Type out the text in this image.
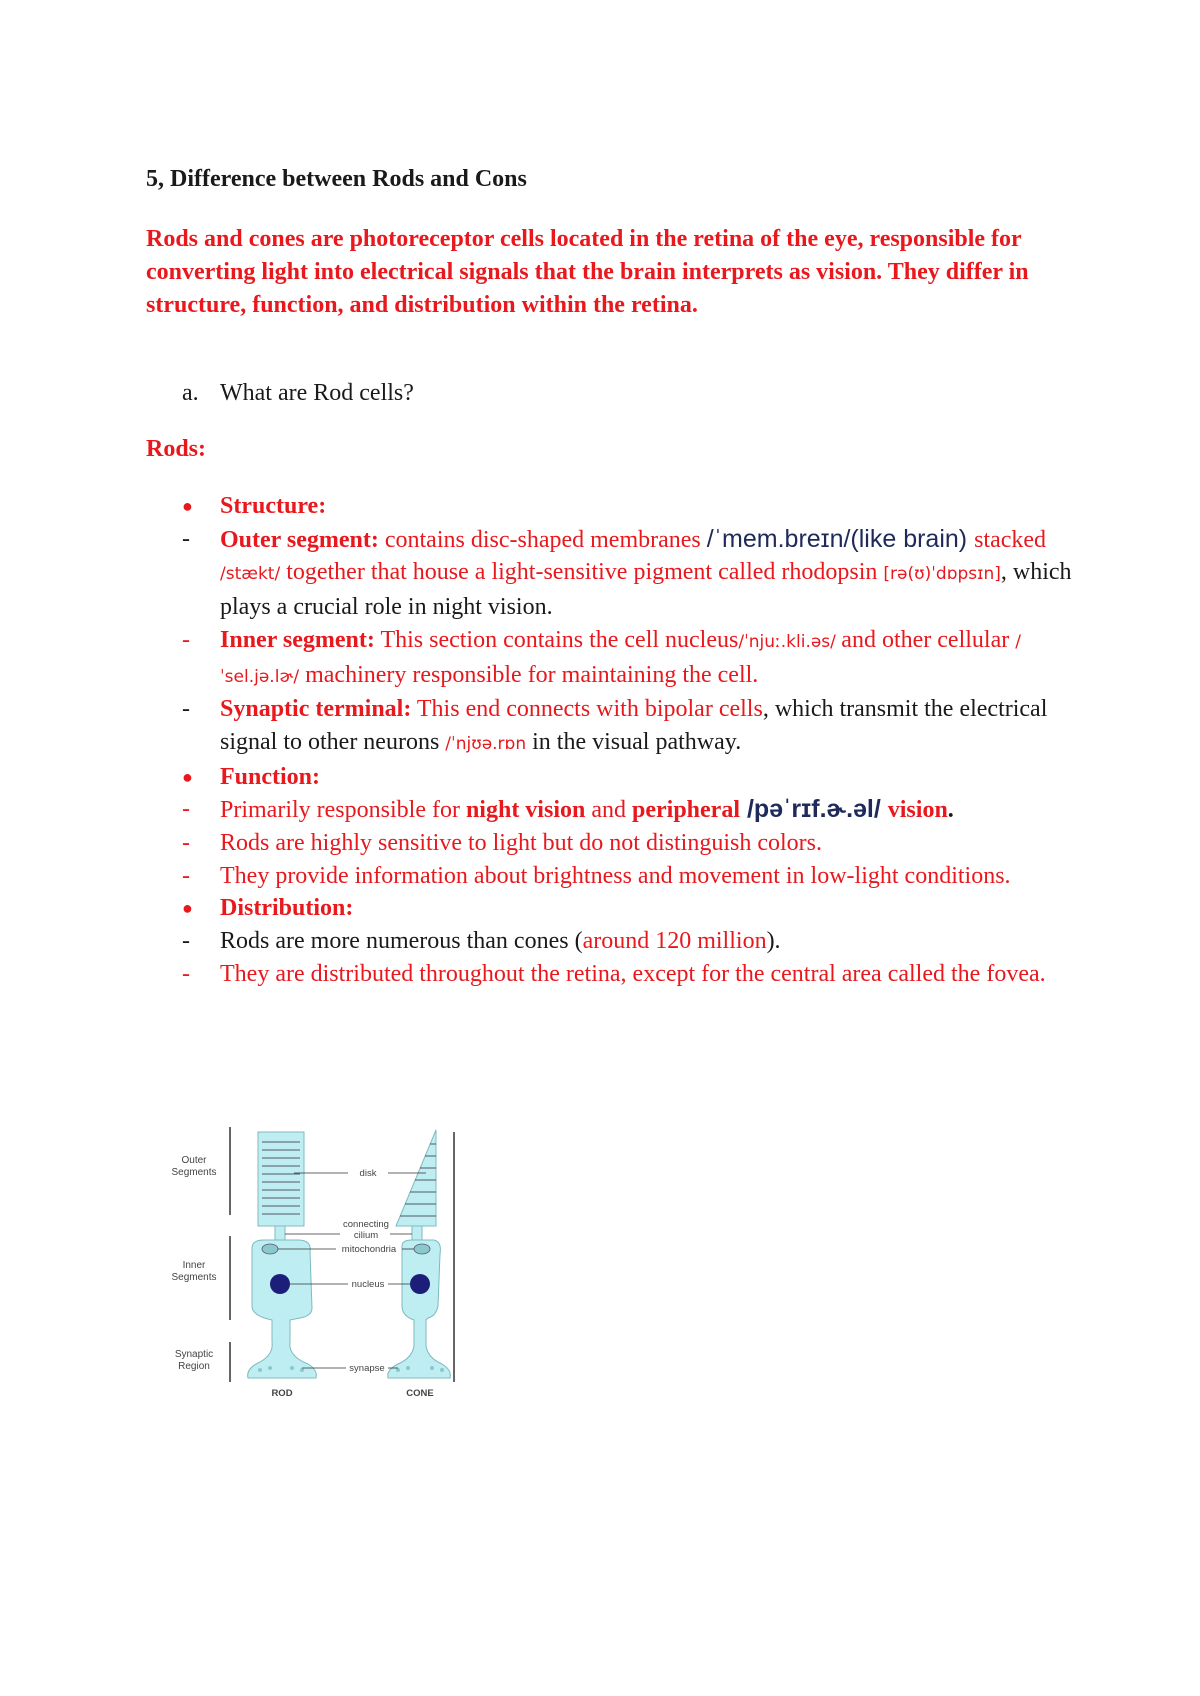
5, Difference between Rods and Cons
Rods and cones are photoreceptor cells located in the retina of the eye, responsible for converting light into electrical signals that the brain interprets as vision. They differ in structure, function, and distribution within the retina.
a. What are Rod cells?
Rods:
●	Structure:
-	Outer segment: contains disc-shaped membranes /ˈmem.breɪn/(like brain) stacked /stækt/ together that house a light-sensitive pigment called rhodopsin [rə(ʊ)ˈdɒpsɪn], which plays a crucial role in night vision.
-	Inner segment: This section contains the cell nucleus/ˈnjuː.kli.əs/ and other cellular /ˈsel.jə.lɚ/ machinery responsible for maintaining the cell.
-	Synaptic terminal: This end connects with bipolar cells, which transmit the electrical signal to other neurons /ˈnjʊə.rɒn in the visual pathway.
●	Function:
-	Primarily responsible for night vision and peripheral /pəˈrɪf.ɚ.əl/ vision.
-	Rods are highly sensitive to light but do not distinguish colors.
-	They provide information about brightness and movement in low-light conditions.
●	Distribution:
-	Rods are more numerous than cones (around 120 million).
-	They are distributed throughout the retina, except for the central area called the fovea.
Outer
Segments
Inner
Segments
Synaptic
Region
disk
connecting
cilium
mitochondria
nucleus
synapse
ROD	CONE
